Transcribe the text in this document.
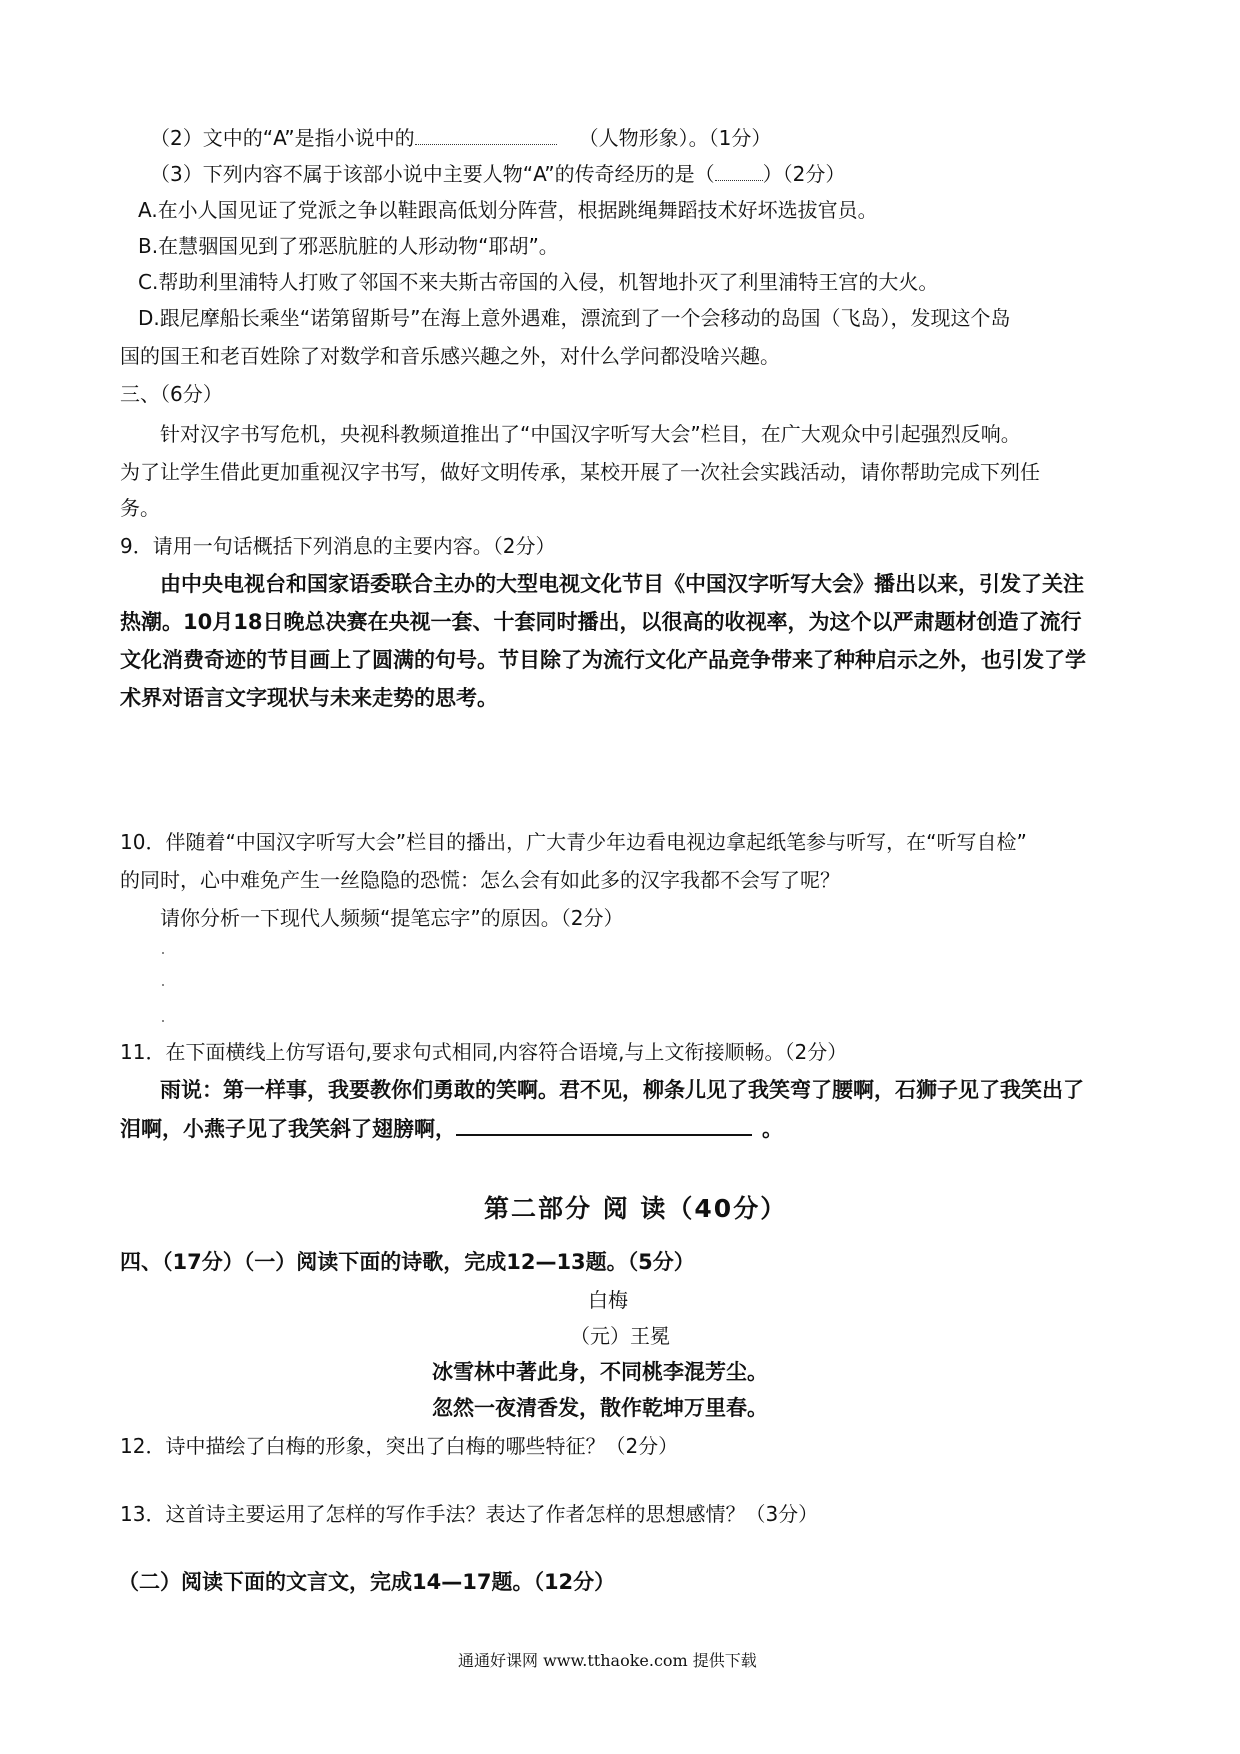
（2）文中的“A”是指小说中的	（人物形象）。（1分）
（3）下列内容不属于该部小说中主要人物“A”的传奇经历的是（ ）（2分）
A.在小人国见证了党派之争以鞋跟高低划分阵营，根据跳绳舞蹈技术好坏选拔官员。
B.在慧骃国见到了邪恶肮脏的人形动物“耶胡”。
C.帮助利里浦特人打败了邻国不来夫斯古帝国的入侵，机智地扑灭了利里浦特王宫的大火。
D.跟尼摩船长乘坐“诺第留斯号”在海上意外遇难，漂流到了一个会移动的岛国（飞岛），发现这个岛
国的国王和老百姓除了对数学和音乐感兴趣之外，对什么学问都没啥兴趣。
三、（6分）
针对汉字书写危机，央视科教频道推出了“中国汉字听写大会”栏目，在广大观众中引起强烈反响。
为了让学生借此更加重视汉字书写，做好文明传承，某校开展了一次社会实践活动，请你帮助完成下列任
务。
9．请用一句话概括下列消息的主要内容。（2分）
由中央电视台和国家语委联合主办的大型电视文化节目《中国汉字听写大会》播出以来，引发了关注
热潮。10月18日晚总决赛在央视一套、十套同时播出，以很高的收视率，为这个以严肃题材创造了流行
文化消费奇迹的节目画上了圆满的句号。节目除了为流行文化产品竞争带来了种种启示之外，也引发了学
术界对语言文字现状与未来走势的思考。
10．伴随着“中国汉字听写大会”栏目的播出，广大青少年边看电视边拿起纸笔参与听写，在“听写自检”
的同时，心中难免产生一丝隐隐的恐慌：怎么会有如此多的汉字我都不会写了呢？
请你分析一下现代人频频“提笔忘字”的原因。（2分）
11．在下面横线上仿写语句,要求句式相同,内容符合语境,与上文衔接顺畅。（2分）
雨说：第一样事，我要教你们勇敢的笑啊。君不见，柳条儿见了我笑弯了腰啊，石狮子见了我笑出了
泪啊，小燕子见了我笑斜了翅膀啊，	。
第二部分 阅 读（40分）
四、（17分）（一）阅读下面的诗歌，完成12—13题。（5分）
白梅
（元）王冕
冰雪林中著此身，不同桃李混芳尘。
忽然一夜清香发，散作乾坤万里春。
12．诗中描绘了白梅的形象，突出了白梅的哪些特征？（2分）
13．这首诗主要运用了怎样的写作手法？表达了作者怎样的思想感情？（3分）
（二）阅读下面的文言文，完成14—17题。（12分）
通通好课网 www.tthaoke.com 提供下载
